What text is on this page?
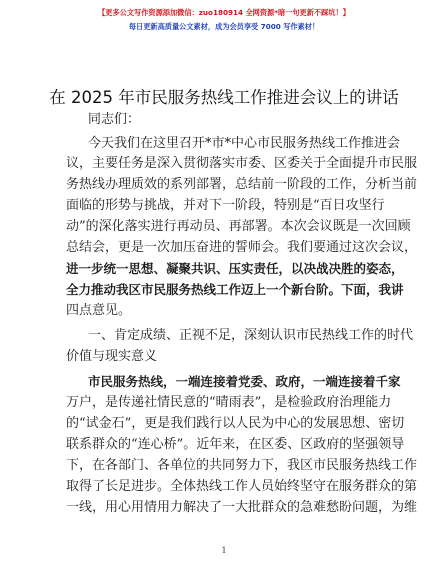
【更多公文写作资源添加微信：zuo180914 全网资源*暗一句更新不踩坑！】
每日更新高质量公文素材，成为会员享受 7000 写作素材！
在 2025 年市民服务热线工作推进会议上的讲话
同志们：
今天我们在这里召开*市*中心市民服务热线工作推进会
议，主要任务是深入贯彻落实市委、区委关于全面提升市民服
务热线办理质效的系列部署，总结前一阶段的工作，分析当前
面临的形势与挑战，并对下一阶段，特别是“百日攻坚行
动”的深化落实进行再动员、再部署。本次会议既是一次回顾
总结会，更是一次加压奋进的誓师会。我们要通过这次会议，
进一步统一思想、凝聚共识、压实责任，以决战决胜的姿态，
全力推动我区市民服务热线工作迈上一个新台阶。下面，我讲
四点意见。
一、肯定成绩、正视不足，深刻认识市民热线工作的时代
价值与现实意义
市民服务热线，一端连接着党委、政府，一端连接着千家
万户，是传递社情民意的“晴雨表”，是检验政府治理能力
的“试金石”，更是我们践行以人民为中心的发展思想、密切
联系群众的“连心桥”。近年来，在区委、区政府的坚强领导
下，在各部门、各单位的共同努力下，我区市民服务热线工作
取得了长足进步。全体热线工作人员始终坚守在服务群众的第
一线，用心用情用力解决了一大批群众的急难愁盼问题，为维
1
